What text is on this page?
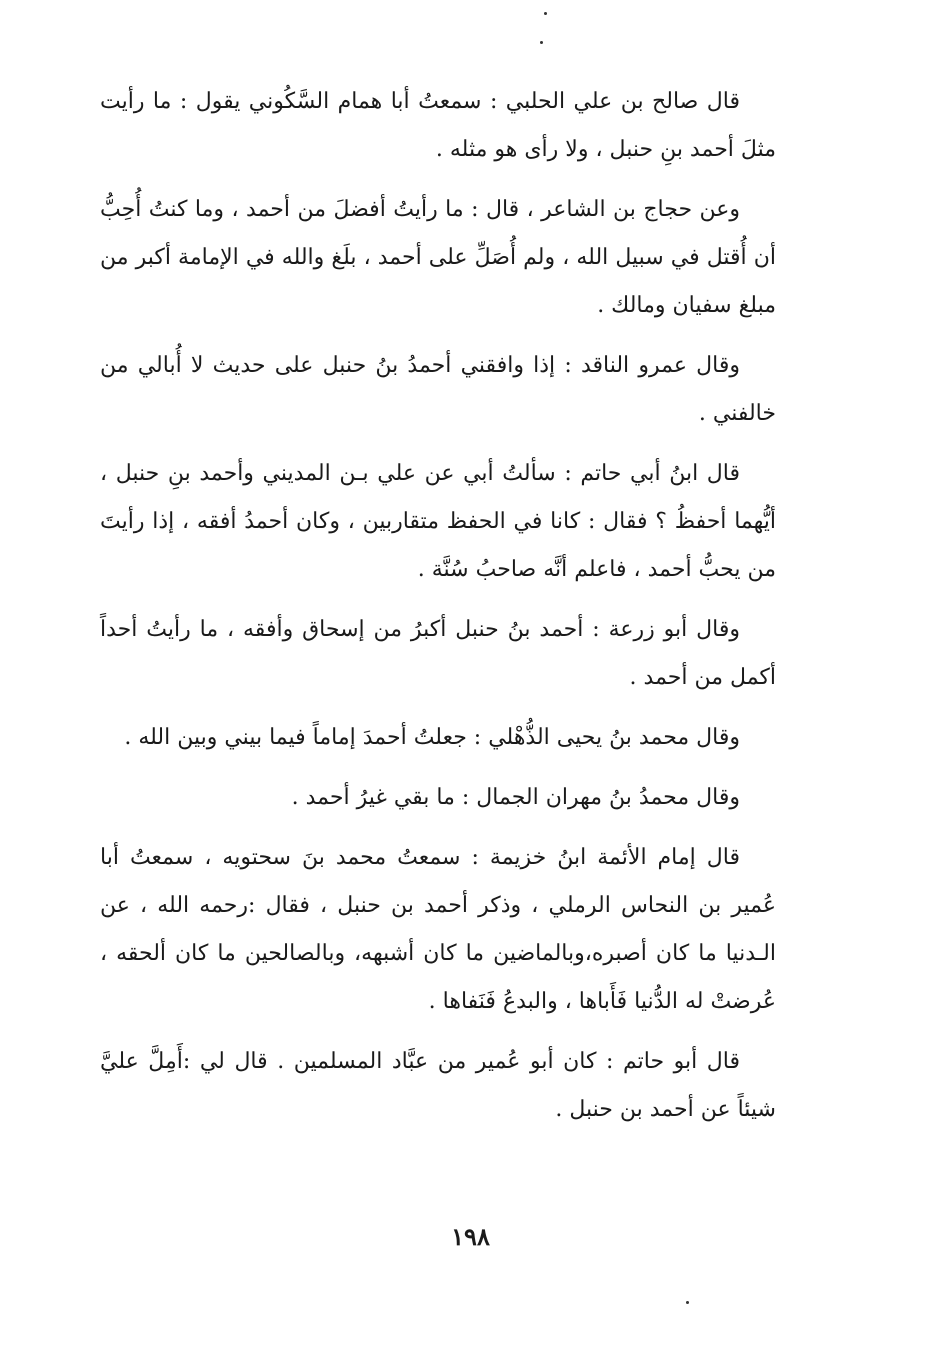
قال صالح بن علي الحلبي : سمعتُ أبا همام السَّكُوني يقول : ما رأيت مثلَ أحمد بنِ حنبل ، ولا رأى هو مثله .

وعن حجاج بن الشاعر ، قال : ما رأيتُ أفضلَ من أحمد ، وما كنتُ أُحِبُّ أن أُقتل في سبيل الله ، ولم أُصَلِّ على أحمد ، بلَغ والله في الإمامة أكبر من مبلغ سفيان ومالك .

وقال عمرو الناقد : إذا وافقني أحمدُ بنُ حنبل على حديث لا أُبالي من خالفني .

قال ابنُ أبي حاتم : سألتُ أبي عن علي بـن المديني وأحمد بنِ حنبل ، أيُّهما أحفظُ ؟ فقال : كانا في الحفظ متقاربين ، وكان أحمدُ أفقه ، إذا رأيتَ من يحبُّ أحمد ، فاعلم أنَّه صاحبُ سُنَّة .

وقال أبو زرعة : أحمد بنُ حنبل أكبرُ من إسحاق وأفقه ، ما رأيتُ أحداً أكمل من أحمد .

وقال محمد بنُ يحيى الذُّهْلي : جعلتُ أحمدَ إماماً فيما بيني وبين الله .

وقال محمدُ بنُ مهران الجمال : ما بقي غيرُ أحمد .

قال إمام الأئمة ابنُ خزيمة : سمعتُ محمد بنَ سحتويه ، سمعتُ أبا عُمير بن النحاس الرملي ، وذكر أحمد بن حنبل ، فقال :رحمه الله ، عن الـدنيا ما كان أصبره،وبالماضين ما كان أشبهه، وبالصالحين ما كان ألحقه ، عُرضتْ له الدُّنيا فَأَباها ، والبدعُ فَنَفاها .

قال أبو حاتم : كان أبو عُمير من عبَّاد المسلمين . قال لي :أَمِلَّ عليَّ شيئاً عن أحمد بن حنبل .

١٩٨
